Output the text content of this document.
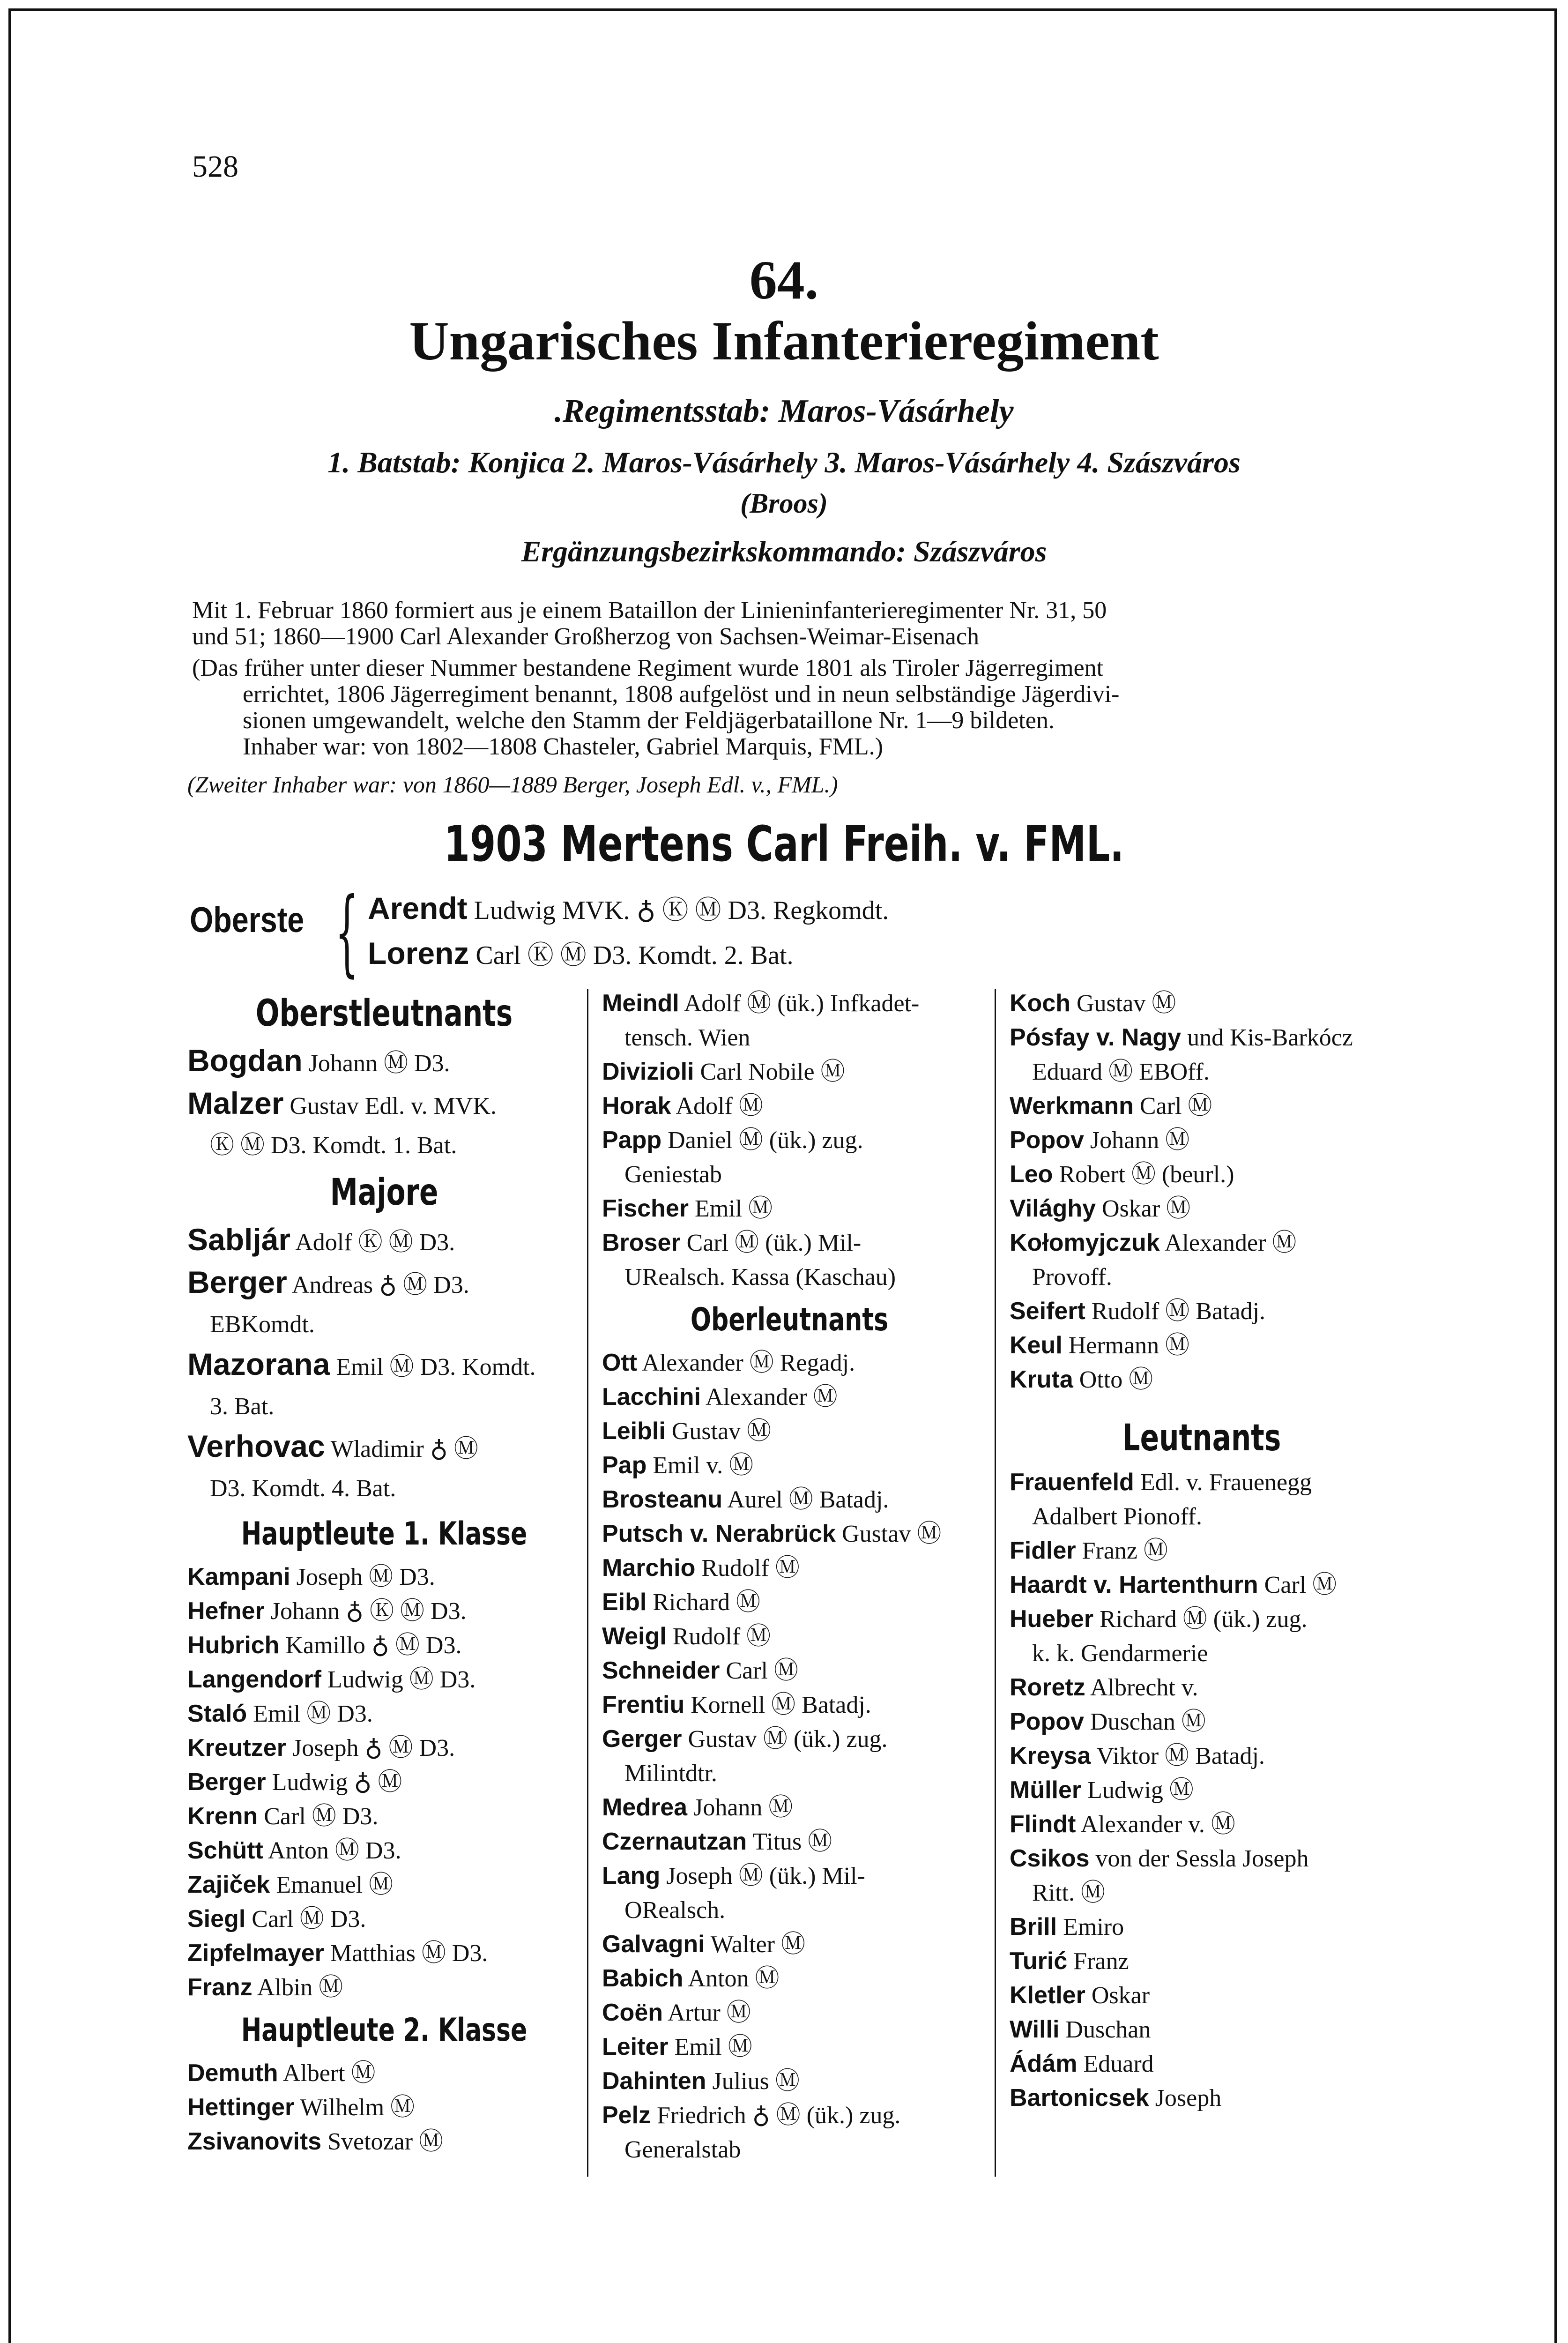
528
64.
Ungarisches Infanterieregiment
.Regimentsstab: Maros-Vásárhely
1. Batstab: Konjica 2. Maros-Vásárhely 3. Maros-Vásárhely 4. Szászváros
(Broos)
Ergänzungsbezirkskommando: Szászváros
Mit 1. Februar 1860 formiert aus je einem Bataillon der Linieninfanterieregimenter Nr. 31, 50
und 51; 1860—1900 Carl Alexander Großherzog von Sachsen-Weimar-Eisenach
(Das früher unter dieser Nummer bestandene Regiment wurde 1801 als Tiroler Jägerregiment
errichtet, 1806 Jägerregiment benannt, 1808 aufgelöst und in neun selbständige Jägerdivi-
sionen umgewandelt, welche den Stamm der Feldjägerbataillone Nr. 1—9 bildeten.
Inhaber war: von 1802—1808 Chasteler, Gabriel Marquis, FML.)
(Zweiter Inhaber war: von 1860—1889 Berger, Joseph Edl. v., FML.)
1903 Mertens Carl Freih. v. FML.
Oberste { Arendt Ludwig MVK. ♁ Ⓚ Ⓜ D3. Regkomdt.
Lorenz Carl Ⓚ Ⓜ D3. Komdt. 2. Bat.
Oberstleutnants
Bogdan Johann Ⓜ D3.
Malzer Gustav Edl. v. MVK.
Ⓚ Ⓜ D3. Komdt. 1. Bat.
Majore
Sabljár Adolf Ⓚ Ⓜ D3.
Berger Andreas ♁ Ⓜ D3.
EBKomdt.
Mazorana Emil Ⓜ D3. Komdt.
3. Bat.
Verhovac Wladimir ♁ Ⓜ
D3. Komdt. 4. Bat.
Hauptleute 1. Klasse
Kampani Joseph Ⓜ D3.
Hefner Johann ♁ Ⓚ Ⓜ D3.
Hubrich Kamillo ♁ Ⓜ D3.
Langendorf Ludwig Ⓜ D3.
Staló Emil Ⓜ D3.
Kreutzer Joseph ♁ Ⓜ D3.
Berger Ludwig ♁ Ⓜ
Krenn Carl Ⓜ D3.
Schütt Anton Ⓜ D3.
Zajiček Emanuel Ⓜ
Siegl Carl Ⓜ D3.
Zipfelmayer Matthias Ⓜ D3.
Franz Albin Ⓜ
Hauptleute 2. Klasse
Demuth Albert Ⓜ
Hettinger Wilhelm Ⓜ
Zsivanovits Svetozar Ⓜ
Meindl Adolf Ⓜ (ük.) Infkadet-
tensch. Wien
Divizioli Carl Nobile Ⓜ
Horak Adolf Ⓜ
Papp Daniel Ⓜ (ük.) zug.
Geniestab
Fischer Emil Ⓜ
Broser Carl Ⓜ (ük.) Mil-
URealsch. Kassa (Kaschau)
Oberleutnants
Ott Alexander Ⓜ Regadj.
Lacchini Alexander Ⓜ
Leibli Gustav Ⓜ
Pap Emil v. Ⓜ
Brosteanu Aurel Ⓜ Batadj.
Putsch v. Nerabrück Gustav Ⓜ
Marchio Rudolf Ⓜ
Eibl Richard Ⓜ
Weigl Rudolf Ⓜ
Schneider Carl Ⓜ
Frentiu Kornell Ⓜ Batadj.
Gerger Gustav Ⓜ (ük.) zug.
Milintdtr.
Medrea Johann Ⓜ
Czernautzan Titus Ⓜ
Lang Joseph Ⓜ (ük.) Mil-
ORealsch.
Galvagni Walter Ⓜ
Babich Anton Ⓜ
Coën Artur Ⓜ
Leiter Emil Ⓜ
Dahinten Julius Ⓜ
Pelz Friedrich ♁ Ⓜ (ük.) zug.
Generalstab
Koch Gustav Ⓜ
Pósfay v. Nagy und Kis-Barkócz
Eduard Ⓜ EBOff.
Werkmann Carl Ⓜ
Popov Johann Ⓜ
Leo Robert Ⓜ (beurl.)
Világhy Oskar Ⓜ
Kołomyjczuk Alexander Ⓜ
Provoff.
Seifert Rudolf Ⓜ Batadj.
Keul Hermann Ⓜ
Kruta Otto Ⓜ
Leutnants
Frauenfeld Edl. v. Frauenegg
Adalbert Pionoff.
Fidler Franz Ⓜ
Haardt v. Hartenthurn Carl Ⓜ
Hueber Richard Ⓜ (ük.) zug.
k. k. Gendarmerie
Roretz Albrecht v.
Popov Duschan Ⓜ
Kreysa Viktor Ⓜ Batadj.
Müller Ludwig Ⓜ
Flindt Alexander v. Ⓜ
Csikos von der Sessla Joseph
Ritt. Ⓜ
Brill Emiro
Turić Franz
Kletler Oskar
Willi Duschan
Ádám Eduard
Bartonicsek Joseph
